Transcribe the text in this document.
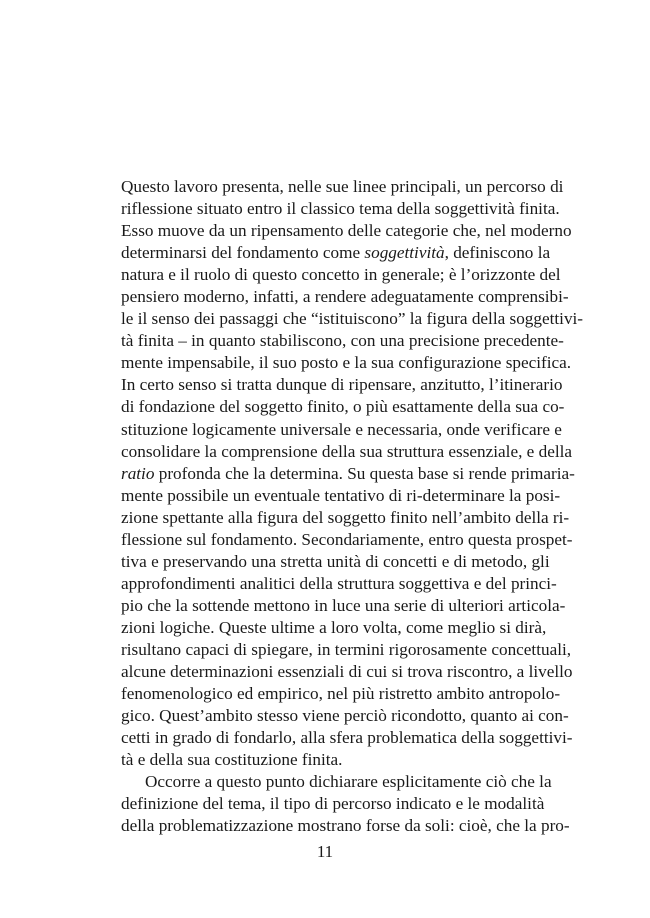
Questo lavoro presenta, nelle sue linee principali, un percorso di
riflessione situato entro il classico tema della soggettività finita.
Esso muove da un ripensamento delle categorie che, nel moderno
determinarsi del fondamento come soggettività, definiscono la
natura e il ruolo di questo concetto in generale; è l’orizzonte del
pensiero moderno, infatti, a rendere adeguatamente comprensibi-
le il senso dei passaggi che “istituiscono” la figura della soggettivi-
tà finita – in quanto stabiliscono, con una precisione precedente-
mente impensabile, il suo posto e la sua configurazione specifica.
In certo senso si tratta dunque di ripensare, anzitutto, l’itinerario
di fondazione del soggetto finito, o più esattamente della sua co-
stituzione logicamente universale e necessaria, onde verificare e
consolidare la comprensione della sua struttura essenziale, e della
ratio profonda che la determina. Su questa base si rende primaria-
mente possibile un eventuale tentativo di ri-determinare la posi-
zione spettante alla figura del soggetto finito nell’ambito della ri-
flessione sul fondamento. Secondariamente, entro questa prospet-
tiva e preservando una stretta unità di concetti e di metodo, gli
approfondimenti analitici della struttura soggettiva e del princi-
pio che la sottende mettono in luce una serie di ulteriori articola-
zioni logiche. Queste ultime a loro volta, come meglio si dirà,
risultano capaci di spiegare, in termini rigorosamente concettuali,
alcune determinazioni essenziali di cui si trova riscontro, a livello
fenomenologico ed empirico, nel più ristretto ambito antropolo-
gico. Quest’ambito stesso viene perciò ricondotto, quanto ai con-
cetti in grado di fondarlo, alla sfera problematica della soggettivi-
tà e della sua costituzione finita.
Occorre a questo punto dichiarare esplicitamente ciò che la
definizione del tema, il tipo di percorso indicato e le modalità
della problematizzazione mostrano forse da soli: cioè, che la pro-
11
